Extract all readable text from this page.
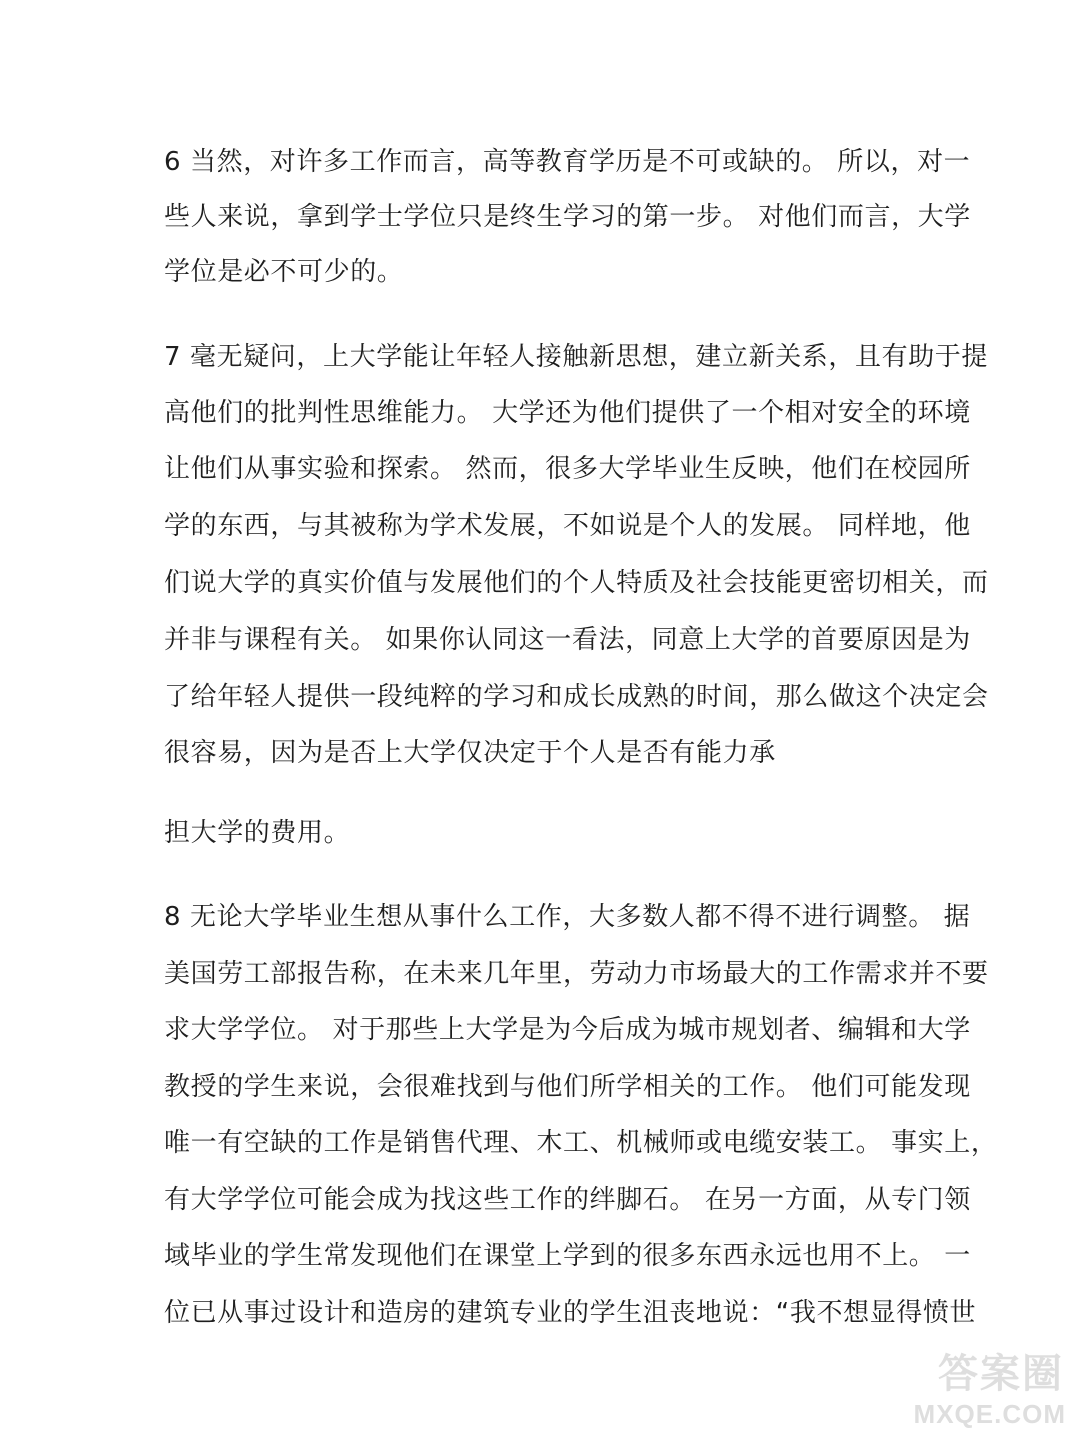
6 当然，对许多工作而言，高等教育学历是不可或缺的。 所以，对一
些人来说，拿到学士学位只是终生学习的第一步。 对他们而言，大学
学位是必不可少的。
7 毫无疑问，上大学能让年轻人接触新思想，建立新关系，且有助于提
高他们的批判性思维能力。 大学还为他们提供了一个相对安全的环境
让他们从事实验和探索。 然而，很多大学毕业生反映，他们在校园所
学的东西，与其被称为学术发展，不如说是个人的发展。 同样地，他
们说大学的真实价值与发展他们的个人特质及社会技能更密切相关，而
并非与课程有关。 如果你认同这一看法，同意上大学的首要原因是为
了给年轻人提供一段纯粹的学习和成长成熟的时间，那么做这个决定会
很容易，因为是否上大学仅决定于个人是否有能力承
担大学的费用。
8 无论大学毕业生想从事什么工作，大多数人都不得不进行调整。 据
美国劳工部报告称，在未来几年里，劳动力市场最大的工作需求并不要
求大学学位。 对于那些上大学是为今后成为城市规划者、编辑和大学
教授的学生来说，会很难找到与他们所学相关的工作。 他们可能发现
唯一有空缺的工作是销售代理、木工、机械师或电缆安装工。 事实上，
有大学学位可能会成为找这些工作的绊脚石。 在另一方面，从专门领
域毕业的学生常发现他们在课堂上学到的很多东西永远也用不上。 一
位已从事过设计和造房的建筑专业的学生沮丧地说：“我不想显得愤世
答案圈
MXQE.COM
